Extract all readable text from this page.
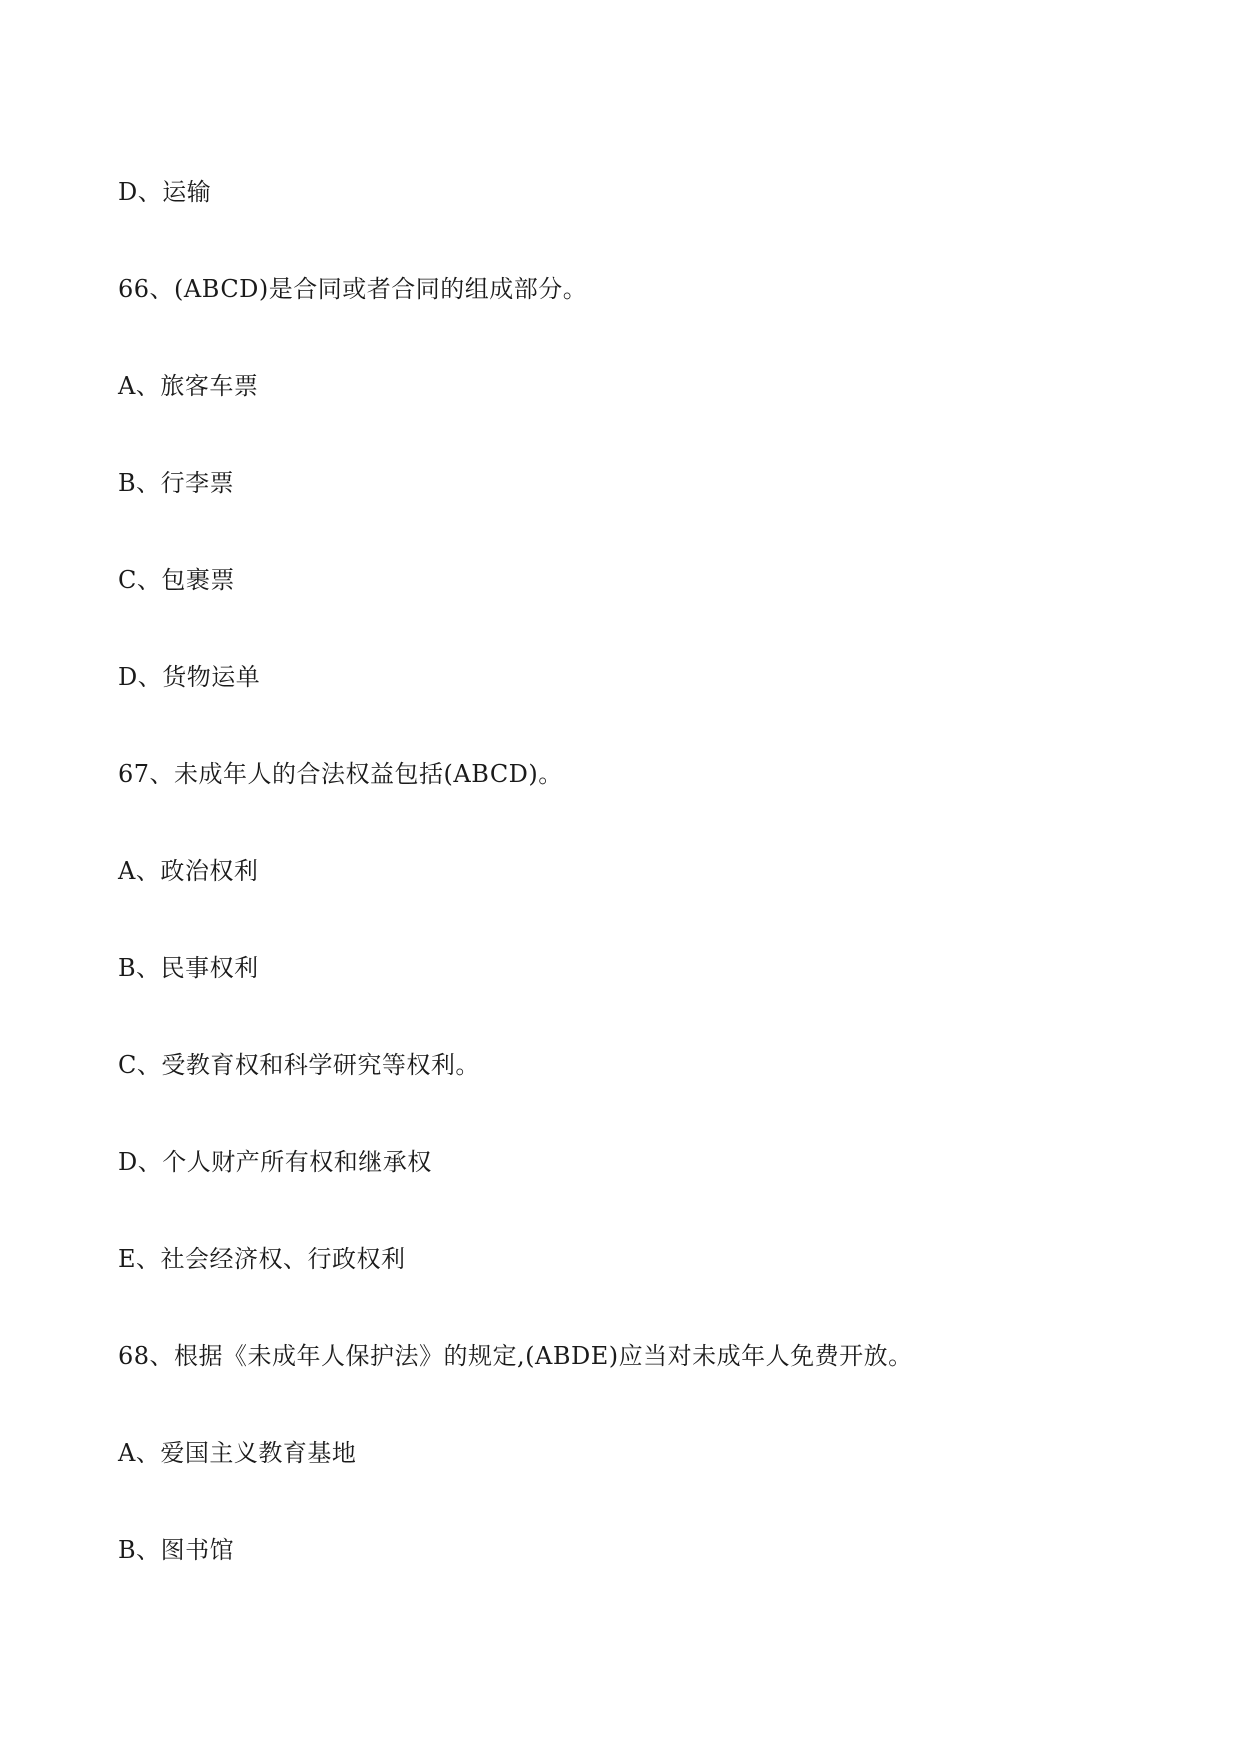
D、运输
66、(ABCD)是合同或者合同的组成部分。
A、旅客车票
B、行李票
C、包裹票
D、货物运单
67、未成年人的合法权益包括(ABCD)。
A、政治权利
B、民事权利
C、受教育权和科学研究等权利。
D、个人财产所有权和继承权
E、社会经济权、行政权利
68、根据《未成年人保护法》的规定,(ABDE)应当对未成年人免费开放。
A、爱国主义教育基地
B、图书馆
